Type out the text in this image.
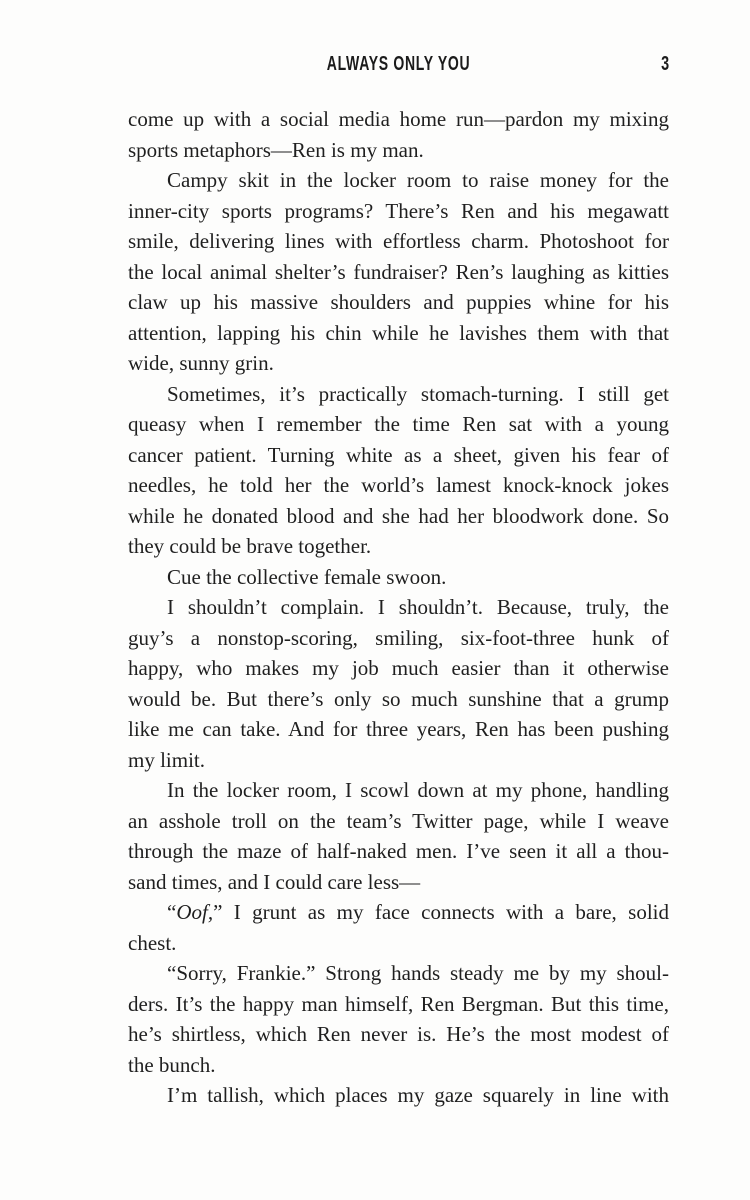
ALWAYS ONLY YOU	3
come up with a social media home run—pardon my mixing
sports metaphors—Ren is my man.
Campy skit in the locker room to raise money for the
inner-city sports programs? There’s Ren and his megawatt
smile, delivering lines with effortless charm. Photoshoot for
the local animal shelter’s fundraiser? Ren’s laughing as kitties
claw up his massive shoulders and puppies whine for his
attention, lapping his chin while he lavishes them with that
wide, sunny grin.
Sometimes, it’s practically stomach-turning. I still get
queasy when I remember the time Ren sat with a young
cancer patient. Turning white as a sheet, given his fear of
needles, he told her the world’s lamest knock-knock jokes
while he donated blood and she had her bloodwork done. So
they could be brave together.
Cue the collective female swoon.
I shouldn’t complain. I shouldn’t. Because, truly, the
guy’s a nonstop-scoring, smiling, six-foot-three hunk of
happy, who makes my job much easier than it otherwise
would be. But there’s only so much sunshine that a grump
like me can take. And for three years, Ren has been pushing
my limit.
In the locker room, I scowl down at my phone, handling
an asshole troll on the team’s Twitter page, while I weave
through the maze of half-naked men. I’ve seen it all a thou-
sand times, and I could care less—
“Oof,” I grunt as my face connects with a bare, solid
chest.
“Sorry, Frankie.” Strong hands steady me by my shoul-
ders. It’s the happy man himself, Ren Bergman. But this time,
he’s shirtless, which Ren never is. He’s the most modest of
the bunch.
I’m tallish, which places my gaze squarely in line with
